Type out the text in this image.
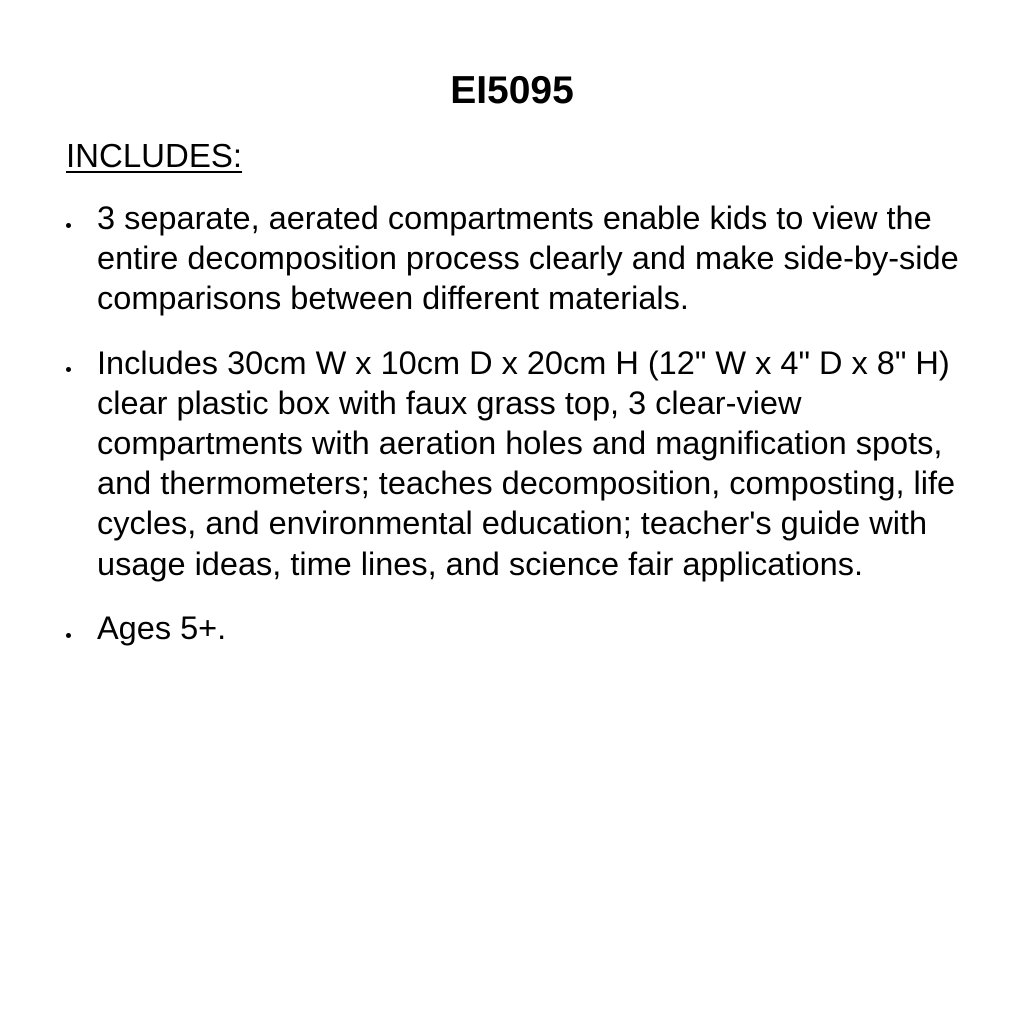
EI5095
INCLUDES:
3 separate, aerated compartments enable kids to view the entire decomposition process clearly and make side-by-side comparisons between different materials.
Includes 30cm W x 10cm D x 20cm H (12" W x 4" D x 8" H) clear plastic box with faux grass top, 3 clear-view compartments with aeration holes and magnification spots, and thermometers; teaches decomposition, composting, life cycles, and environmental education; teacher's guide with usage ideas, time lines, and science fair applications.
Ages 5+.
